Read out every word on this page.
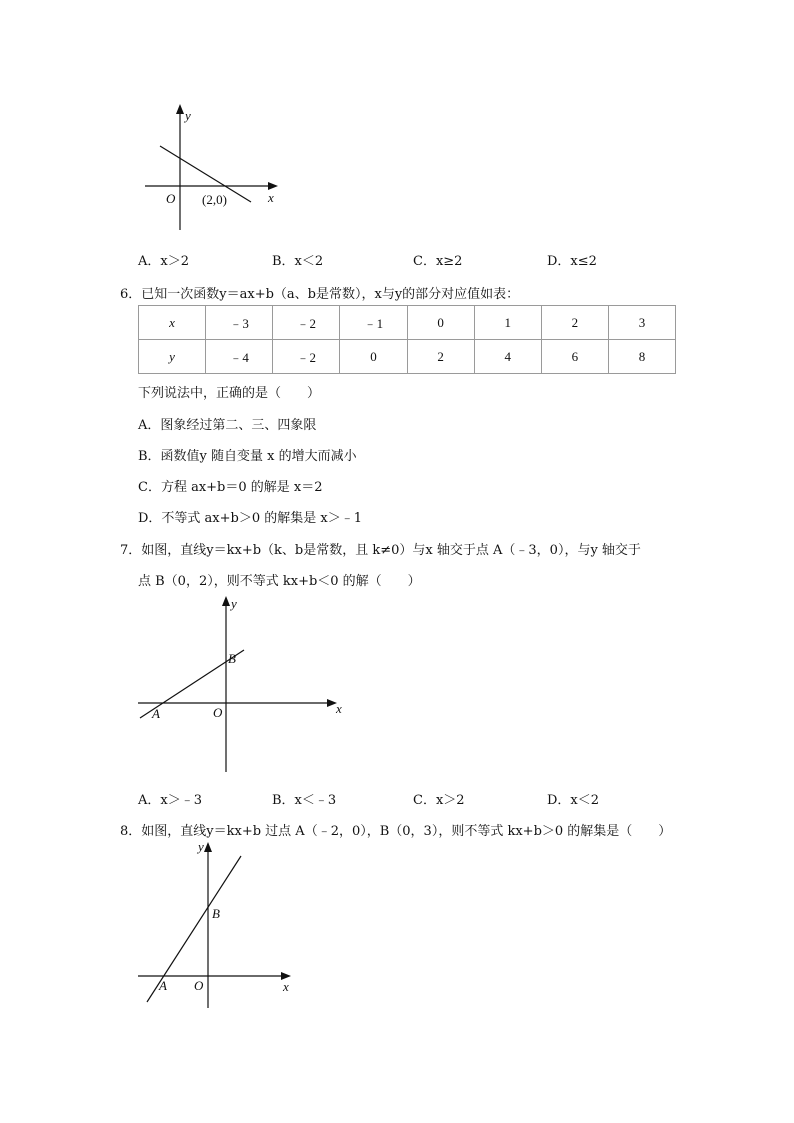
y
x
O (2,0)
A．x＞2	B．x＜2	C．x≥2	D．x≤2
6．已知一次函数y＝ax+b（a、b是常数），x与y的部分对应值如表：
x	﹣3	﹣2	﹣1	0	1	2	3
y	﹣4	﹣2	0	2	4	6	8
下列说法中，正确的是（　　）
A．图象经过第二、三、四象限
B．函数值y 随自变量 x 的增大而减小
C．方程 ax+b＝0 的解是 x＝2
D．不等式 ax+b＞0 的解集是 x＞﹣1
7．如图，直线y＝kx+b（k、b是常数，且 k≠0）与x 轴交于点 A（﹣3，0），与y 轴交于
点 B（0，2），则不等式 kx+b＜0 的解（　　）
y
x
O
A
B
A．x＞﹣3	B．x＜﹣3	C．x＞2	D．x＜2
8．如图，直线y＝kx+b 过点 A（﹣2，0），B（0，3），则不等式 kx+b＞0 的解集是（　　）
y
x
O
A
B
